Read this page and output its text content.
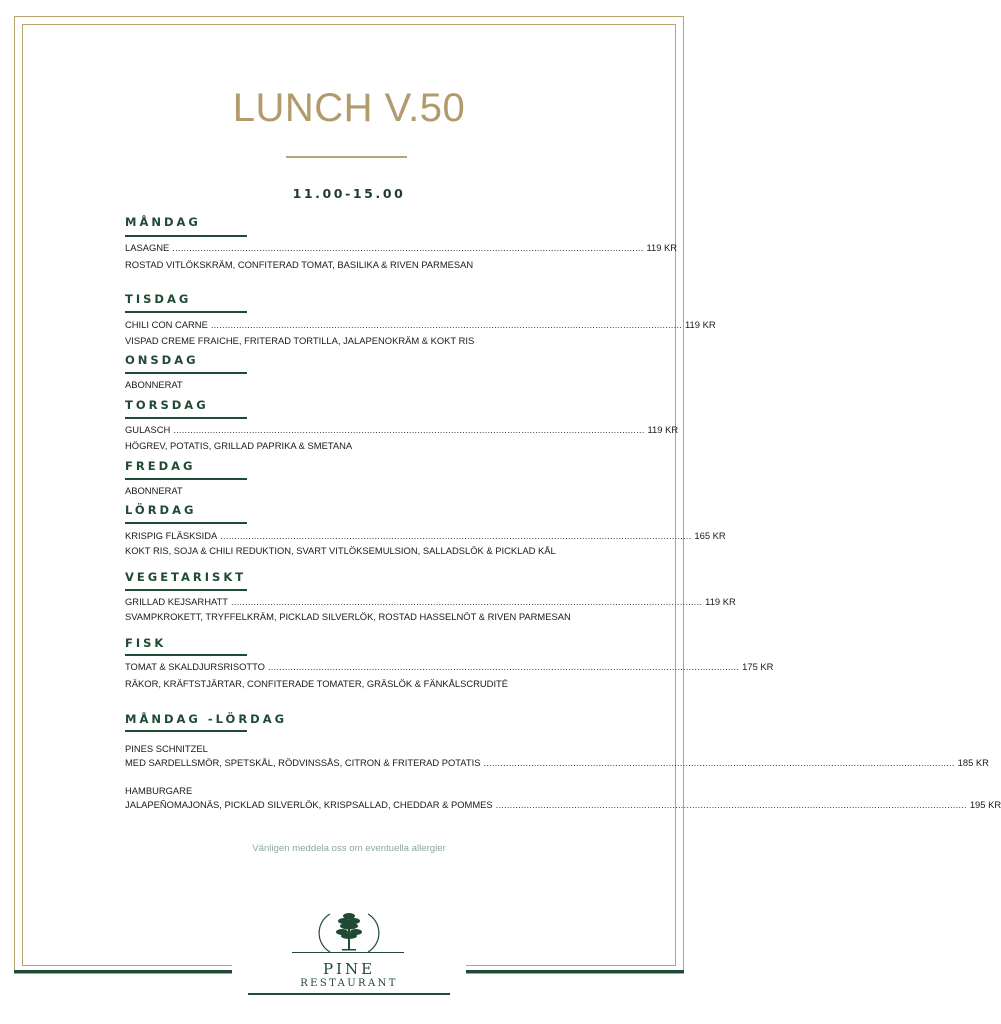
LUNCH V.50
11.00-15.00
MÅNDAG
LASAGNE ........................................................................................................................................................................ 119 KR
ROSTAD VITLÖKSKRÄM, CONFITERAD TOMAT, BASILIKA & RIVEN PARMESAN
TISDAG
CHILI CON CARNE ........................................................................................................................................................................ 119 KR
VISPAD CREME FRAICHE, FRITERAD TORTILLA, JALAPENOKRÄM & KOKT RIS
ONSDAG
ABONNERAT
TORSDAG
GULASCH ........................................................................................................................................................................ 119 KR
HÖGREV, POTATIS, GRILLAD PAPRIKA & SMETANA
FREDAG
ABONNERAT
LÖRDAG
KRISPIG FLÄSKSIDA ........................................................................................................................................................................ 165 KR
KOKT RIS, SOJA & CHILI REDUKTION, SVART VITLÖKSEMULSION, SALLADSLÖK & PICKLAD KÅL
VEGETARISKT
GRILLAD KEJSARHATT ........................................................................................................................................................................ 119 KR
SVAMPKROKETT, TRYFFELKRÄM, PICKLAD SILVERLÖK, ROSTAD HASSELNÖT & RIVEN PARMESAN
FISK
TOMAT & SKALDJURSRISOTTO ........................................................................................................................................................................ 175 KR
RÄKOR, KRÄFTSTJÄRTAR, CONFITERADE TOMATER, GRÄSLÖK & FÄNKÅLSCRUDITÉ
MÅNDAG -LÖRDAG
PINES SCHNITZEL
MED SARDELLSMÖR, SPETSKÅL, RÖDVINSSÅS, CITRON & FRITERAD POTATIS ........................................................................................................................................................................ 185 KR
HAMBURGARE
JALAPEÑOMAJONÄS, PICKLAD SILVERLÖK, KRISPSALLAD, CHEDDAR & POMMES ........................................................................................................................................................................ 195 KR
Vänligen meddela oss om eventuella allergier
PINE
RESTAURANT
